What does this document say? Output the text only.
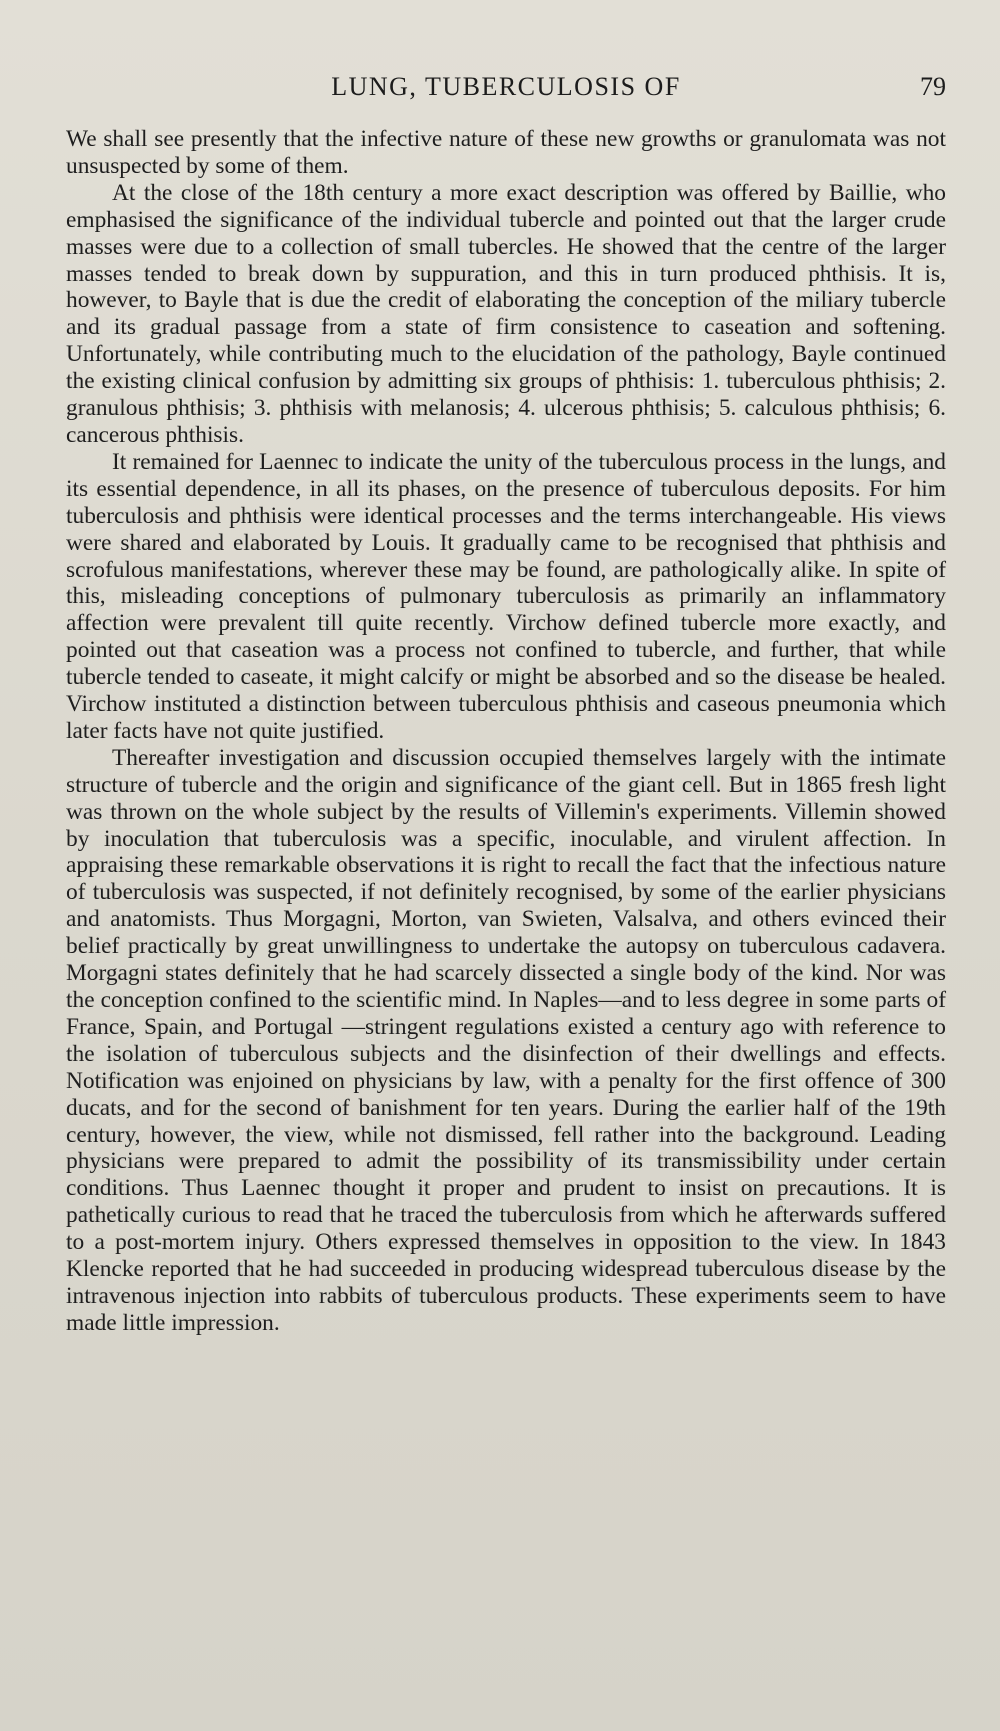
LUNG, TUBERCULOSIS OF	79

We shall see presently that the infective nature of these new growths or granulomata was not unsuspected by some of them.

At the close of the 18th century a more exact description was offered by Baillie, who emphasised the significance of the individual tubercle and pointed out that the larger crude masses were due to a collection of small tubercles. He showed that the centre of the larger masses tended to break down by suppuration, and this in turn produced phthisis. It is, however, to Bayle that is due the credit of elaborating the conception of the miliary tubercle and its gradual passage from a state of firm consistence to caseation and softening. Unfortunately, while contributing much to the elucidation of the pathology, Bayle continued the existing clinical confusion by admitting six groups of phthisis: 1. tuberculous phthisis; 2. granulous phthisis; 3. phthisis with melanosis; 4. ulcerous phthisis; 5. calculous phthisis; 6. cancerous phthisis.

It remained for Laennec to indicate the unity of the tuberculous process in the lungs, and its essential dependence, in all its phases, on the presence of tuberculous deposits. For him tuberculosis and phthisis were identical processes and the terms interchangeable. His views were shared and elaborated by Louis. It gradually came to be recognised that phthisis and scrofulous manifestations, wherever these may be found, are pathologically alike. In spite of this, misleading conceptions of pulmonary tuberculosis as primarily an inflammatory affection were prevalent till quite recently. Virchow defined tubercle more exactly, and pointed out that caseation was a process not confined to tubercle, and further, that while tubercle tended to caseate, it might calcify or might be absorbed and so the disease be healed. Virchow instituted a distinction between tuberculous phthisis and caseous pneumonia which later facts have not quite justified.

Thereafter investigation and discussion occupied themselves largely with the intimate structure of tubercle and the origin and significance of the giant cell. But in 1865 fresh light was thrown on the whole subject by the results of Villemin's experiments. Villemin showed by inoculation that tuberculosis was a specific, inoculable, and virulent affection. In appraising these remarkable observations it is right to recall the fact that the infectious nature of tuberculosis was suspected, if not definitely recognised, by some of the earlier physicians and anatomists. Thus Morgagni, Morton, van Swieten, Valsalva, and others evinced their belief practically by great unwillingness to undertake the autopsy on tuberculous cadavera. Morgagni states definitely that he had scarcely dissected a single body of the kind. Nor was the conception confined to the scientific mind. In Naples—and to less degree in some parts of France, Spain, and Portugal —stringent regulations existed a century ago with reference to the isolation of tuberculous subjects and the disinfection of their dwellings and effects. Notification was enjoined on physicians by law, with a penalty for the first offence of 300 ducats, and for the second of banishment for ten years. During the earlier half of the 19th century, however, the view, while not dismissed, fell rather into the background. Leading physicians were prepared to admit the possibility of its transmissibility under certain conditions. Thus Laennec thought it proper and prudent to insist on precautions. It is pathetically curious to read that he traced the tuberculosis from which he afterwards suffered to a post-mortem injury. Others expressed themselves in opposition to the view. In 1843 Klencke reported that he had succeeded in producing widespread tuberculous disease by the intravenous injection into rabbits of tuberculous products. These experiments seem to have made little impression.
